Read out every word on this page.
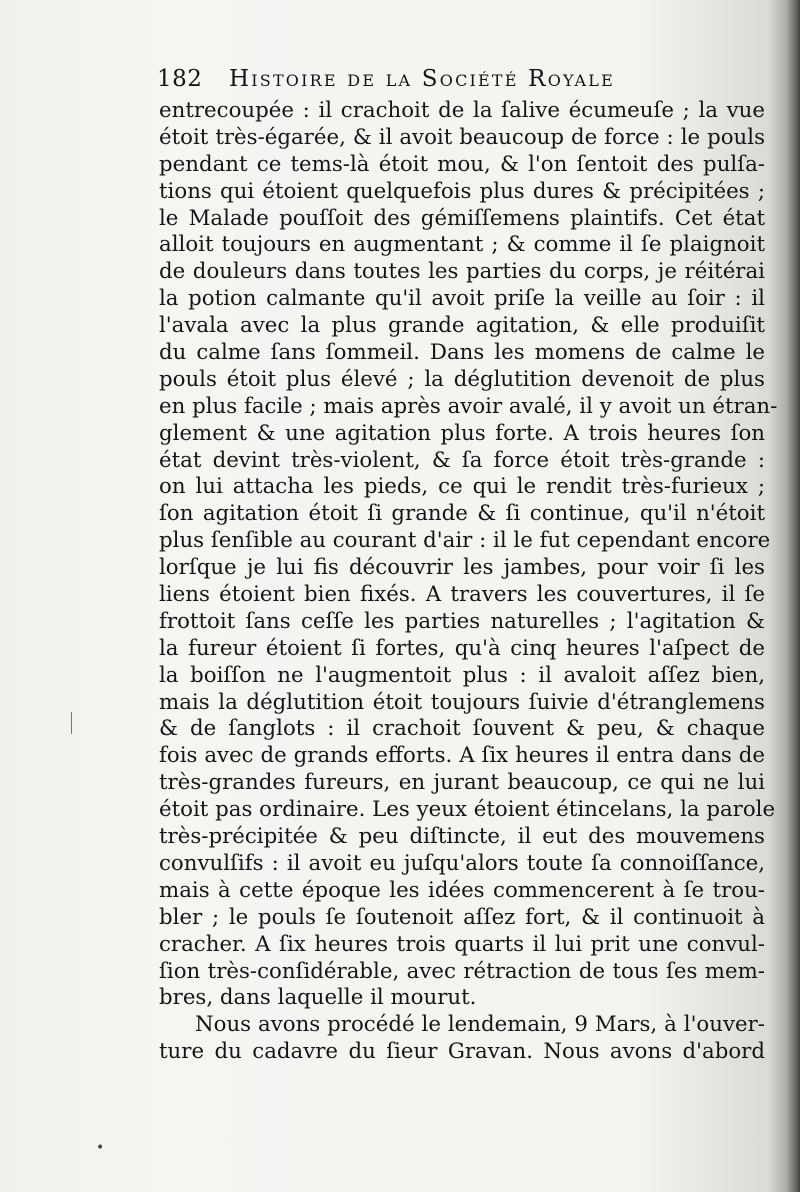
182 Histoire de la Société Royale
entrecoupée : il crachoit de la ſalive écumeuſe ; la vue
étoit très-égarée, & il avoit beaucoup de force : le pouls
pendant ce tems-là étoit mou, & l'on ſentoit des pulſa-
tions qui étoient quelquefois plus dures & précipitées ;
le Malade pouſſoit des gémiſſemens plaintifs. Cet état
alloit toujours en augmentant ; & comme il ſe plaignoit
de douleurs dans toutes les parties du corps, je réitérai
la potion calmante qu'il avoit priſe la veille au ſoir : il
l'avala avec la plus grande agitation, & elle produiſit
du calme ſans ſommeil. Dans les momens de calme le
pouls étoit plus élevé ; la déglutition devenoit de plus
en plus facile ; mais après avoir avalé, il y avoit un étran-
glement & une agitation plus forte. A trois heures ſon
état devint très-violent, & ſa force étoit très-grande :
on lui attacha les pieds, ce qui le rendit très-furieux ;
ſon agitation étoit ſi grande & ſi continue, qu'il n'étoit
plus ſenſible au courant d'air : il le fut cependant encore
lorſque je lui fis découvrir les jambes, pour voir ſi les
liens étoient bien fixés. A travers les couvertures, il ſe
frottoit ſans ceſſe les parties naturelles ; l'agitation &
la fureur étoient ſi fortes, qu'à cinq heures l'aſpect de
la boiſſon ne l'augmentoit plus : il avaloit aſſez bien,
mais la déglutition étoit toujours ſuivie d'étranglemens
& de ſanglots : il crachoit ſouvent & peu, & chaque
fois avec de grands efforts. A ſix heures il entra dans de
très-grandes fureurs, en jurant beaucoup, ce qui ne lui
étoit pas ordinaire. Les yeux étoient étincelans, la parole
très-précipitée & peu diſtincte, il eut des mouvemens
convulſifs : il avoit eu juſqu'alors toute ſa connoiſſance,
mais à cette époque les idées commencerent à ſe trou-
bler ; le pouls ſe ſoutenoit aſſez fort, & il continuoit à
cracher. A ſix heures trois quarts il lui prit une convul-
ſion très-conſidérable, avec rétraction de tous ſes mem-
bres, dans laquelle il mourut.
Nous avons procédé le lendemain, 9 Mars, à l'ouver-
ture du cadavre du ſieur Gravan. Nous avons d'abord
•
